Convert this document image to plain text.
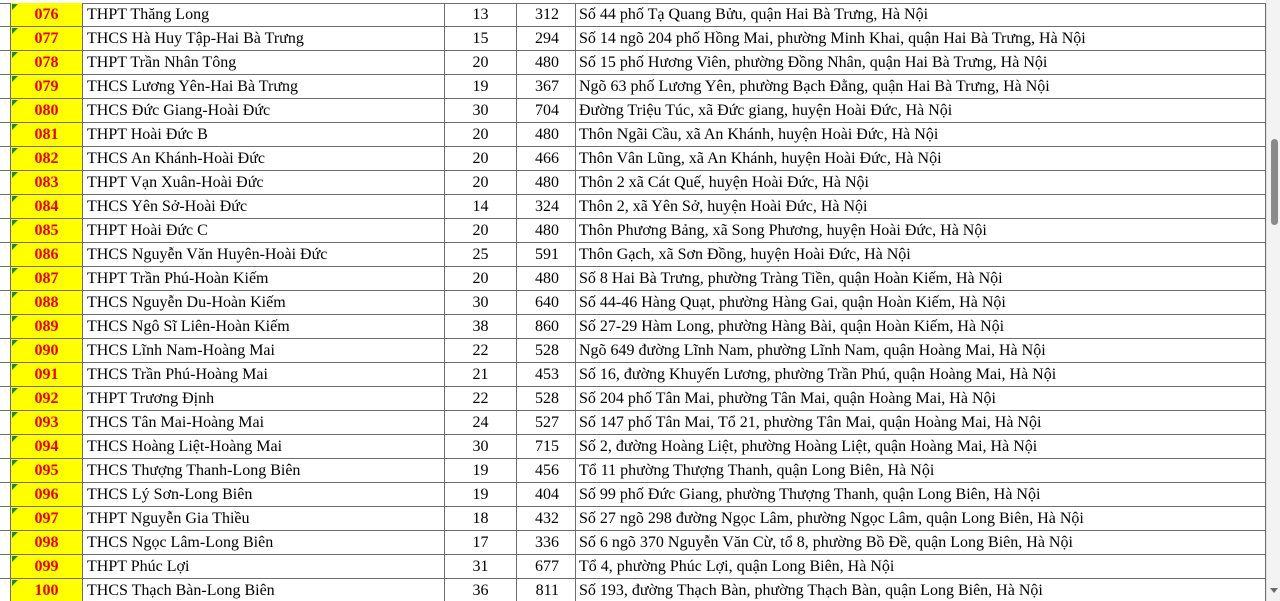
076	THPT Thăng Long	13	312	Số 44 phố Tạ Quang Bửu, quận Hai Bà Trưng, Hà Nội
077	THCS Hà Huy Tập-Hai Bà Trưng	15	294	Số 14 ngõ 204 phố Hồng Mai, phường Minh Khai, quận Hai Bà Trưng, Hà Nội
078	THPT Trần Nhân Tông	20	480	Số 15 phố Hương Viên, phường Đồng Nhân, quận Hai Bà Trưng, Hà Nội
079	THCS Lương Yên-Hai Bà Trưng	19	367	Ngõ 63 phố Lương Yên, phường Bạch Đằng, quận Hai Bà Trưng, Hà Nội
080	THCS Đức Giang-Hoài Đức	30	704	Đường Triệu Túc, xã Đức giang, huyện Hoài Đức, Hà Nội
081	THPT Hoài Đức B	20	480	Thôn Ngãi Cầu, xã An Khánh, huyện Hoài Đức, Hà Nội
082	THCS An Khánh-Hoài Đức	20	466	Thôn Vân Lũng, xã An Khánh, huyện Hoài Đức, Hà Nội
083	THPT Vạn Xuân-Hoài Đức	20	480	Thôn 2 xã Cát Quế, huyện Hoài Đức, Hà Nội
084	THCS Yên Sở-Hoài Đức	14	324	Thôn 2, xã Yên Sở, huyện Hoài Đức, Hà Nội
085	THPT Hoài Đức C	20	480	Thôn Phương Bảng, xã Song Phương, huyện Hoài Đức, Hà Nội
086	THCS Nguyễn Văn Huyên-Hoài Đức	25	591	Thôn Gạch, xã Sơn Đồng, huyện Hoài Đức, Hà Nội
087	THPT Trần Phú-Hoàn Kiếm	20	480	Số 8 Hai Bà Trưng, phường Tràng Tiền, quận Hoàn Kiếm, Hà Nội
088	THCS Nguyễn Du-Hoàn Kiếm	30	640	Số 44-46 Hàng Quạt, phường Hàng Gai, quận Hoàn Kiếm, Hà Nội
089	THCS Ngô Sĩ Liên-Hoàn Kiếm	38	860	Số 27-29 Hàm Long, phường Hàng Bài, quận Hoàn Kiếm, Hà Nội
090	THCS Lĩnh Nam-Hoàng Mai	22	528	Ngõ 649 đường Lĩnh Nam, phường Lĩnh Nam, quận Hoàng Mai, Hà Nội
091	THCS Trần Phú-Hoàng Mai	21	453	Số 16, đường Khuyến Lương, phường Trần Phú, quận Hoàng Mai, Hà Nội
092	THPT Trương Định	22	528	Số 204 phố Tân Mai, phường Tân Mai, quận Hoàng Mai, Hà Nội
093	THCS Tân Mai-Hoàng Mai	24	527	Số 147 phố Tân Mai, Tổ 21, phường Tân Mai, quận Hoàng Mai, Hà Nội
094	THCS Hoàng Liệt-Hoàng Mai	30	715	Số 2, đường Hoàng Liệt, phường Hoàng Liệt, quận Hoàng Mai, Hà Nội
095	THCS Thượng Thanh-Long Biên	19	456	Tổ 11 phường Thượng Thanh, quận Long Biên, Hà Nội
096	THCS Lý Sơn-Long Biên	19	404	Số 99 phố Đức Giang, phường Thượng Thanh, quận Long Biên, Hà Nội
097	THPT Nguyễn Gia Thiều	18	432	Số 27 ngõ 298 đường Ngọc Lâm, phường Ngọc Lâm, quận Long Biên, Hà Nội
098	THCS Ngọc Lâm-Long Biên	17	336	Số 6 ngõ 370 Nguyễn Văn Cừ, tổ 8, phường Bồ Đề, quận Long Biên, Hà Nội
099	THPT Phúc Lợi	31	677	Tổ 4, phường Phúc Lợi, quận Long Biên, Hà Nội
100	THCS Thạch Bàn-Long Biên	36	811	Số 193, đường Thạch Bàn, phường Thạch Bàn, quận Long Biên, Hà Nội
